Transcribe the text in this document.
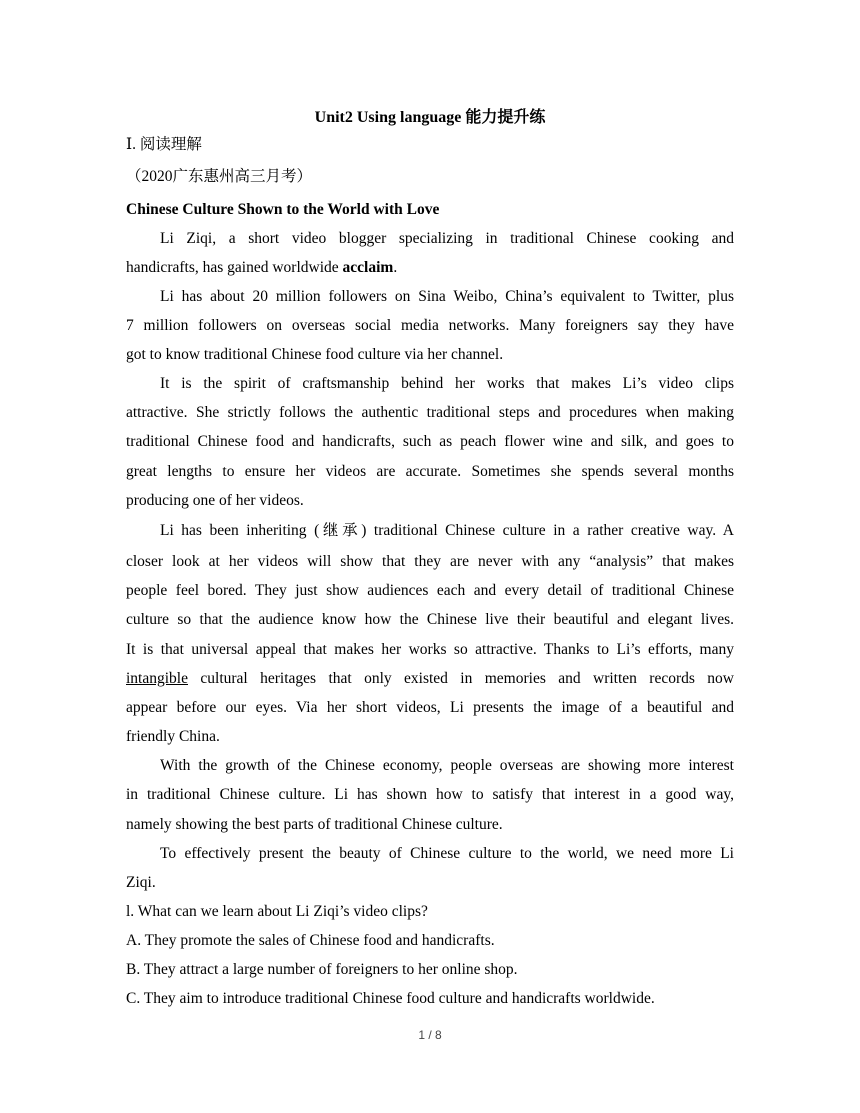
Unit2 Using language 能力提升练
Ⅰ. 阅读理解
（2020广东惠州高三月考）
Chinese Culture Shown to the World with Love
Li Ziqi, a short video blogger specializing in traditional Chinese cooking and
handicrafts, has gained worldwide acclaim.
Li has about 20 million followers on Sina Weibo, China’s equivalent to Twitter, plus
7 million followers on overseas social media networks. Many foreigners say they have
got to know traditional Chinese food culture via her channel.
It is the spirit of craftsmanship behind her works that makes Li’s video clips
attractive. She strictly follows the authentic traditional steps and procedures when making
traditional Chinese food and handicrafts, such as peach flower wine and silk, and goes to
great lengths to ensure her videos are accurate. Sometimes she spends several months
producing one of her videos.
Li has been inheriting (继承) traditional Chinese culture in a rather creative way. A
closer look at her videos will show that they are never with any “analysis” that makes
people feel bored. They just show audiences each and every detail of traditional Chinese
culture so that the audience know how the Chinese live their beautiful and elegant lives.
It is that universal appeal that makes her works so attractive. Thanks to Li’s efforts, many
intangible cultural heritages that only existed in memories and written records now
appear before our eyes. Via her short videos, Li presents the image of a beautiful and
friendly China.
With the growth of the Chinese economy, people overseas are showing more interest
in traditional Chinese culture. Li has shown how to satisfy that interest in a good way,
namely showing the best parts of traditional Chinese culture.
To effectively present the beauty of Chinese culture to the world, we need more Li
Ziqi.
l. What can we learn about Li Ziqi’s video clips?
A. They promote the sales of Chinese food and handicrafts.
B. They attract a large number of foreigners to her online shop.
C. They aim to introduce traditional Chinese food culture and handicrafts worldwide.
1 / 8
